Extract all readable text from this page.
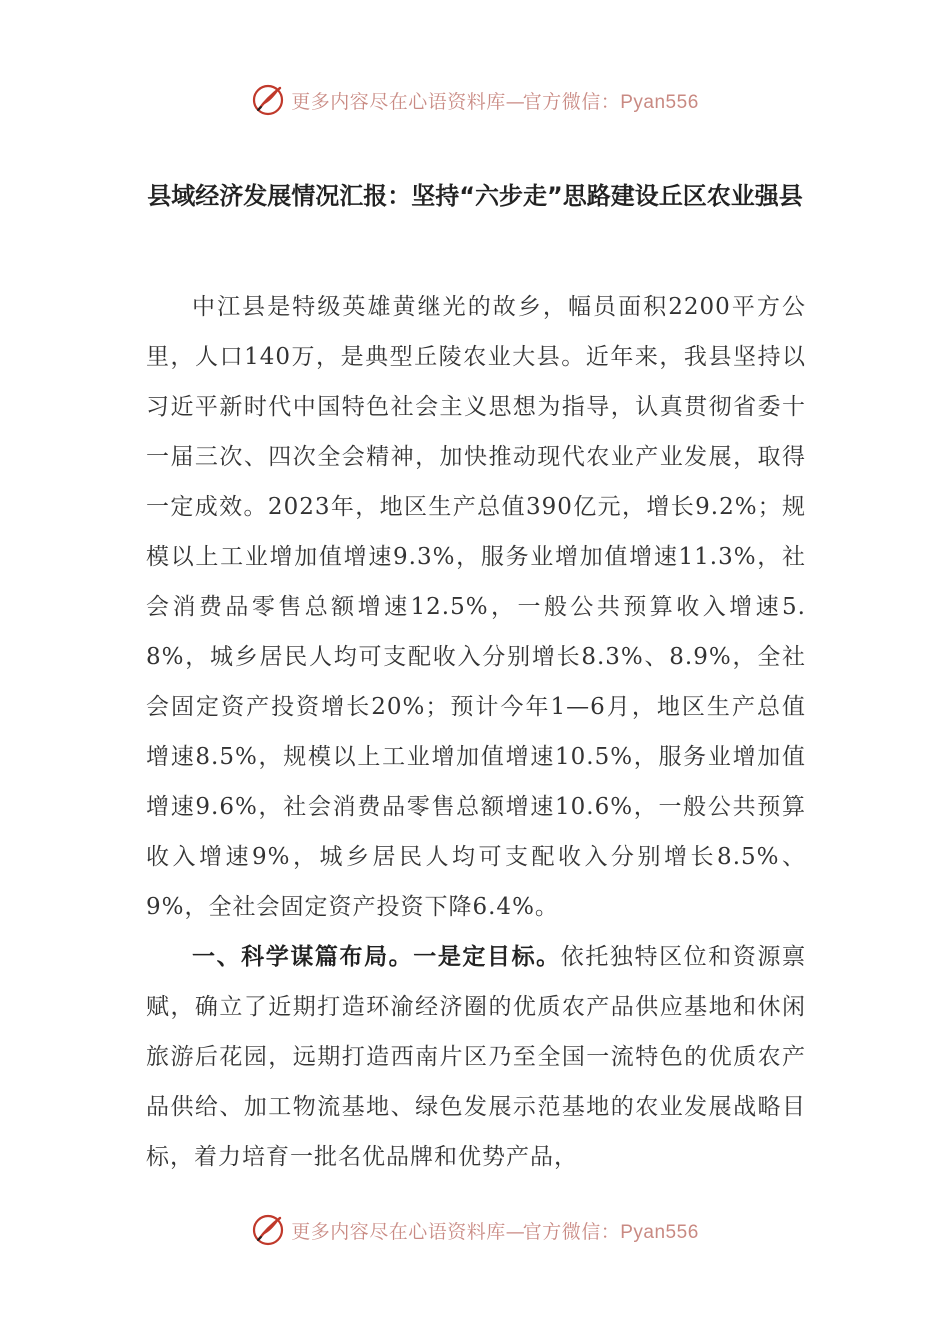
更多内容尽在心语资料库—官方微信：Pyan556
县域经济发展情况汇报：坚持“六步走”思路建设丘区农业强县

中江县是特级英雄黄继光的故乡，幅员面积2200平方公里，人口140万，是典型丘陵农业大县。近年来，我县坚持以习近平新时代中国特色社会主义思想为指导，认真贯彻省委十一届三次、四次全会精神，加快推动现代农业产业发展，取得一定成效。2023年，地区生产总值390亿元，增长9.2%；规模以上工业增加值增速9.3%，服务业增加值增速11.3%，社会消费品零售总额增速12.5%，一般公共预算收入增速5.8%，城乡居民人均可支配收入分别增长8.3%、8.9%，全社会固定资产投资增长20%；预计今年1—6月，地区生产总值增速8.5%，规模以上工业增加值增速10.5%，服务业增加值增速9.6%，社会消费品零售总额增速10.6%，一般公共预算收入增速9%，城乡居民人均可支配收入分别增长8.5%、9%，全社会固定资产投资下降6.4%。

一、科学谋篇布局。一是定目标。依托独特区位和资源禀赋，确立了近期打造环渝经济圈的优质农产品供应基地和休闲旅游后花园，远期打造西南片区乃至全国一流特色的优质农产品供给、加工物流基地、绿色发展示范基地的农业发展战略目标，着力培育一批名优品牌和优势产品，

更多内容尽在心语资料库—官方微信：Pyan556
